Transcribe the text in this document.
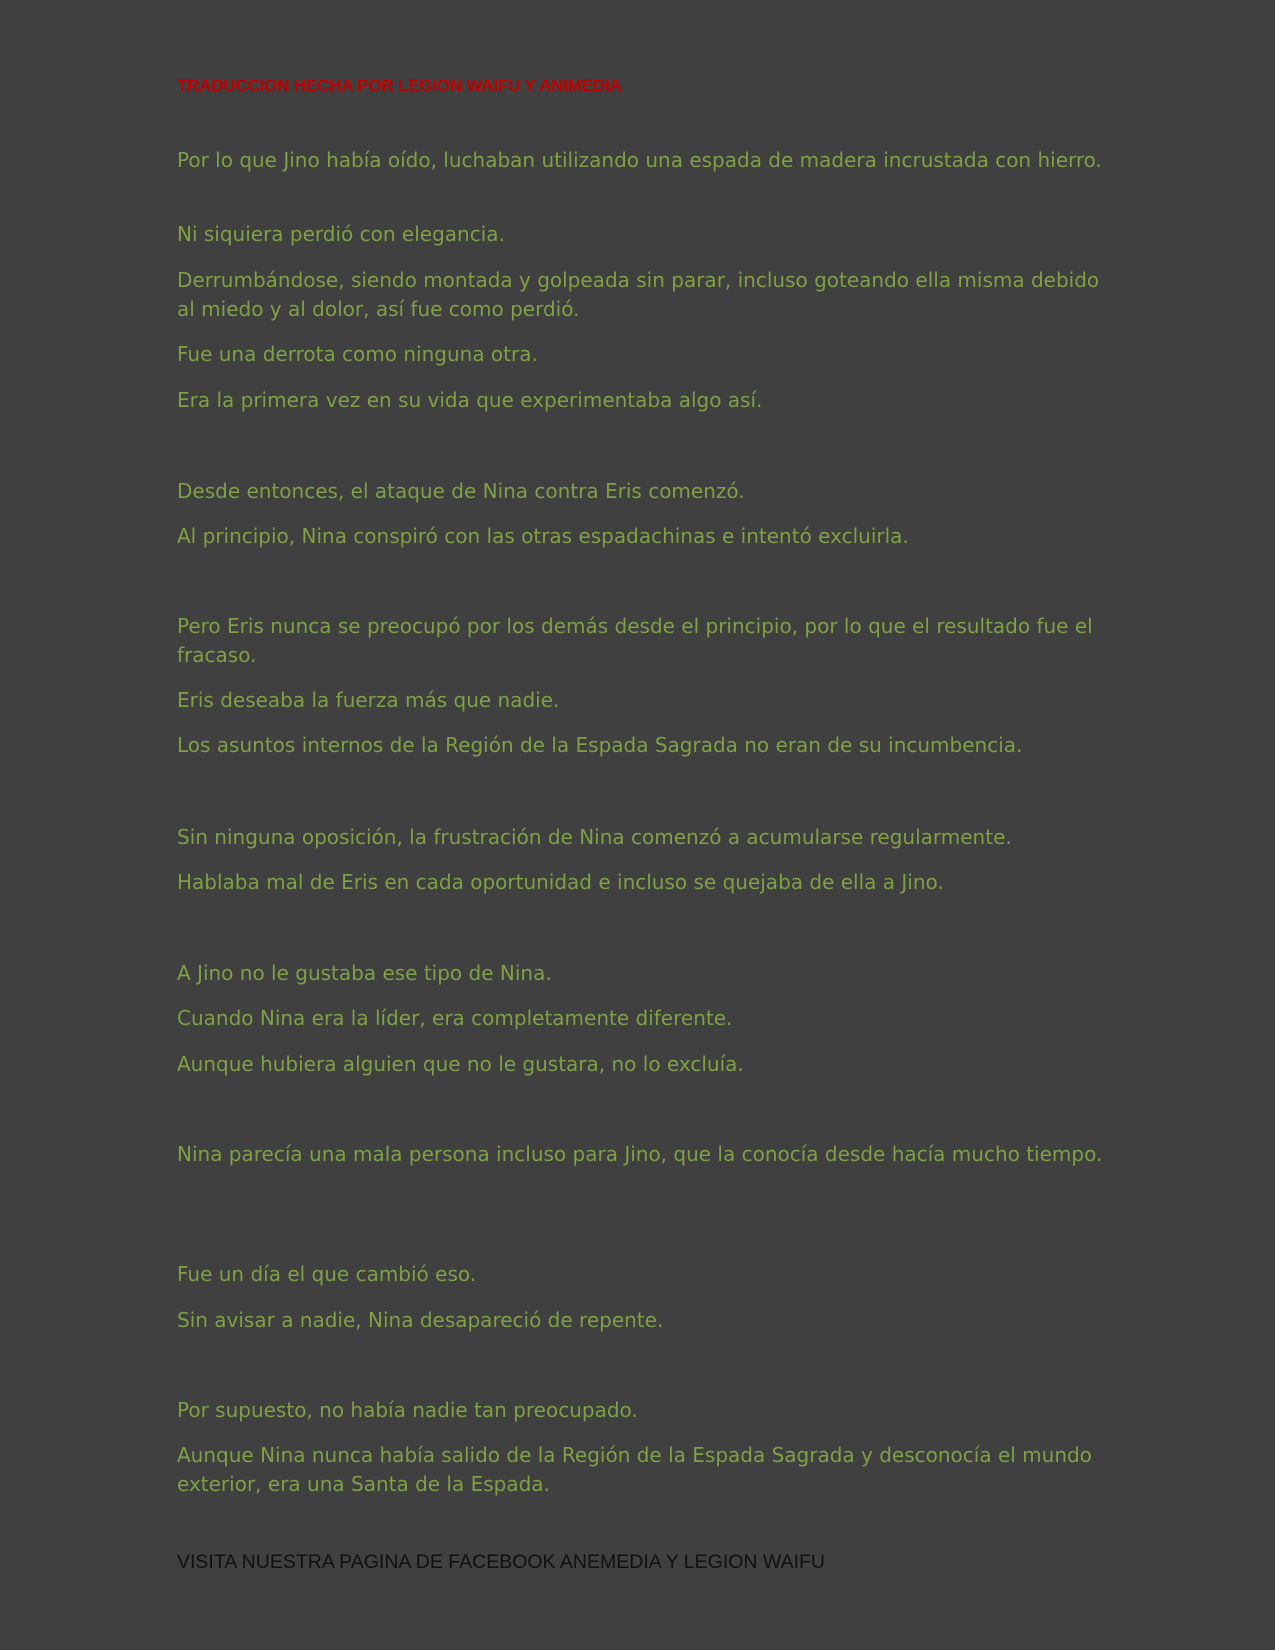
TRADUCCION HECHA POR LEGION WAIFU Y ANIMEDIA

Por lo que Jino había oído, luchaban utilizando una espada de madera incrustada con hierro.

Ni siquiera perdió con elegancia.

Derrumbándose, siendo montada y golpeada sin parar, incluso goteando ella misma debido al miedo y al dolor, así fue como perdió.

Fue una derrota como ninguna otra.

Era la primera vez en su vida que experimentaba algo así.

Desde entonces, el ataque de Nina contra Eris comenzó.

Al principio, Nina conspiró con las otras espadachinas e intentó excluirla.

Pero Eris nunca se preocupó por los demás desde el principio, por lo que el resultado fue el fracaso.

Eris deseaba la fuerza más que nadie.

Los asuntos internos de la Región de la Espada Sagrada no eran de su incumbencia.

Sin ninguna oposición, la frustración de Nina comenzó a acumularse regularmente.

Hablaba mal de Eris en cada oportunidad e incluso se quejaba de ella a Jino.

A Jino no le gustaba ese tipo de Nina.

Cuando Nina era la líder, era completamente diferente.

Aunque hubiera alguien que no le gustara, no lo excluía.

Nina parecía una mala persona incluso para Jino, que la conocía desde hacía mucho tiempo.

Fue un día el que cambió eso.

Sin avisar a nadie, Nina desapareció de repente.

Por supuesto, no había nadie tan preocupado.

Aunque Nina nunca había salido de la Región de la Espada Sagrada y desconocía el mundo exterior, era una Santa de la Espada.

VISITA NUESTRA PAGINA DE FACEBOOK ANEMEDIA Y LEGION WAIFU
